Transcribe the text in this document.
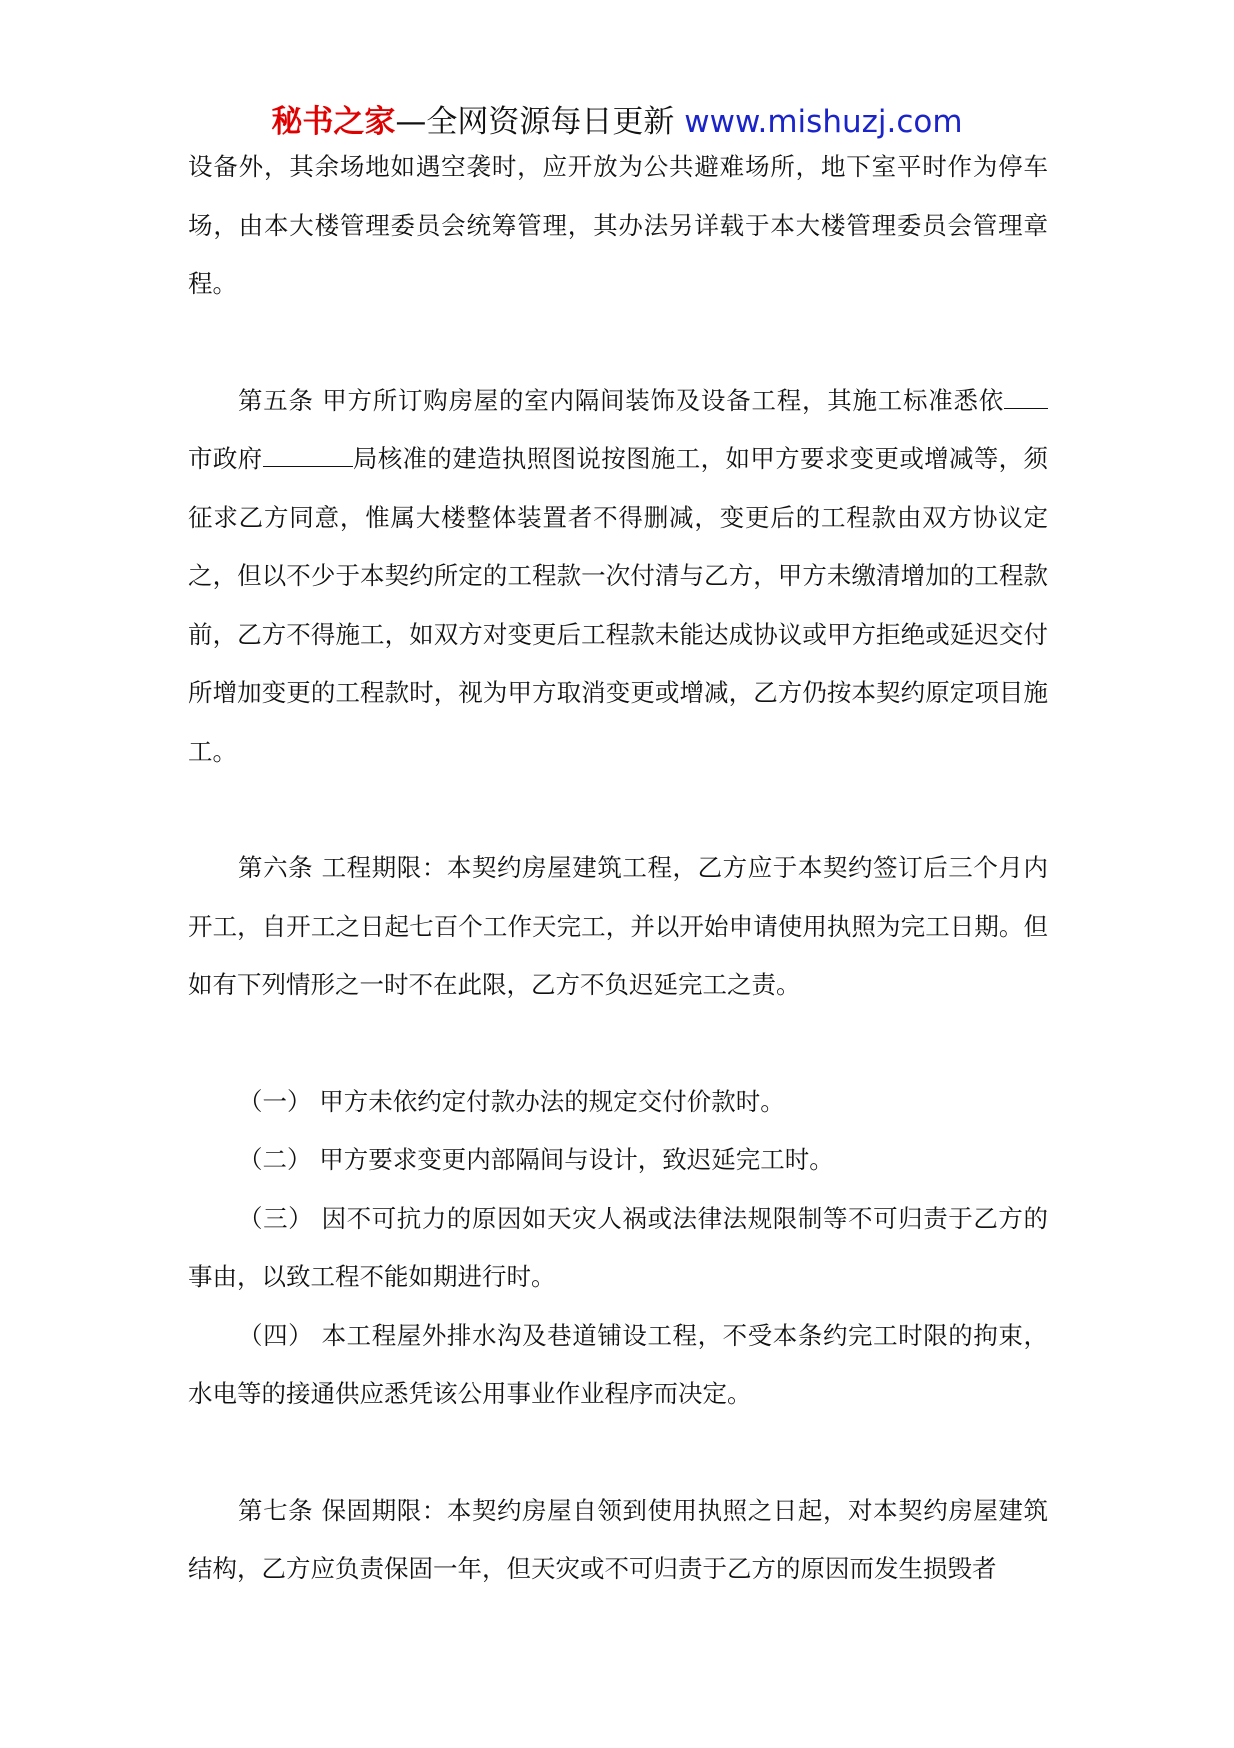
秘书之家—全网资源每日更新 www.mishuzj.com

设备外，其余场地如遇空袭时，应开放为公共避难场所，地下室平时作为停车场，由本大楼管理委员会统筹管理，其办法另详载于本大楼管理委员会管理章程。

第五条 甲方所订购房屋的室内隔间装饰及设备工程，其施工标准悉依市政府	局核准的建造执照图说按图施工，如甲方要求变更或增减等，须征求乙方同意，惟属大楼整体装置者不得删减，变更后的工程款由双方协议定之，但以不少于本契约所定的工程款一次付清与乙方，甲方未缴清增加的工程款前，乙方不得施工，如双方对变更后工程款未能达成协议或甲方拒绝或延迟交付所增加变更的工程款时，视为甲方取消变更或增减，乙方仍按本契约原定项目施工。

第六条 工程期限：本契约房屋建筑工程，乙方应于本契约签订后三个月内开工，自开工之日起七百个工作天完工，并以开始申请使用执照为完工日期。但如有下列情形之一时不在此限，乙方不负迟延完工之责。

（一） 甲方未依约定付款办法的规定交付价款时。

（二） 甲方要求变更内部隔间与设计，致迟延完工时。

（三） 因不可抗力的原因如天灾人祸或法律法规限制等不可归责于乙方的事由，以致工程不能如期进行时。

（四） 本工程屋外排水沟及巷道铺设工程，不受本条约完工时限的拘束，水电等的接通供应悉凭该公用事业作业程序而决定。

第七条 保固期限：本契约房屋自领到使用执照之日起，对本契约房屋建筑结构，乙方应负责保固一年，但天灾或不可归责于乙方的原因而发生损毁者
